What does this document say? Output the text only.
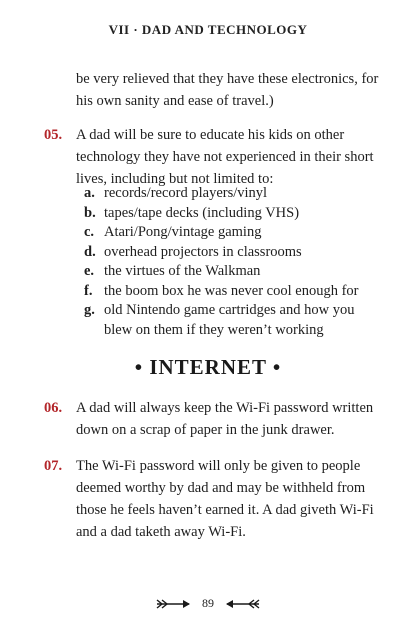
VII · DAD AND TECHNOLOGY
be very relieved that they have these electronics, for his own sanity and ease of travel.)
05. A dad will be sure to educate his kids on other technology they have not experienced in their short lives, including but not limited to:
a. records/record players/vinyl
b. tapes/tape decks (including VHS)
c. Atari/Pong/vintage gaming
d. overhead projectors in classrooms
e. the virtues of the Walkman
f. the boom box he was never cool enough for
g. old Nintendo game cartridges and how you blew on them if they weren’t working
• INTERNET •
06. A dad will always keep the Wi-Fi password written down on a scrap of paper in the junk drawer.
07. The Wi-Fi password will only be given to people deemed worthy by dad and may be withheld from those he feels haven’t earned it. A dad giveth Wi-Fi and a dad taketh away Wi-Fi.
89
